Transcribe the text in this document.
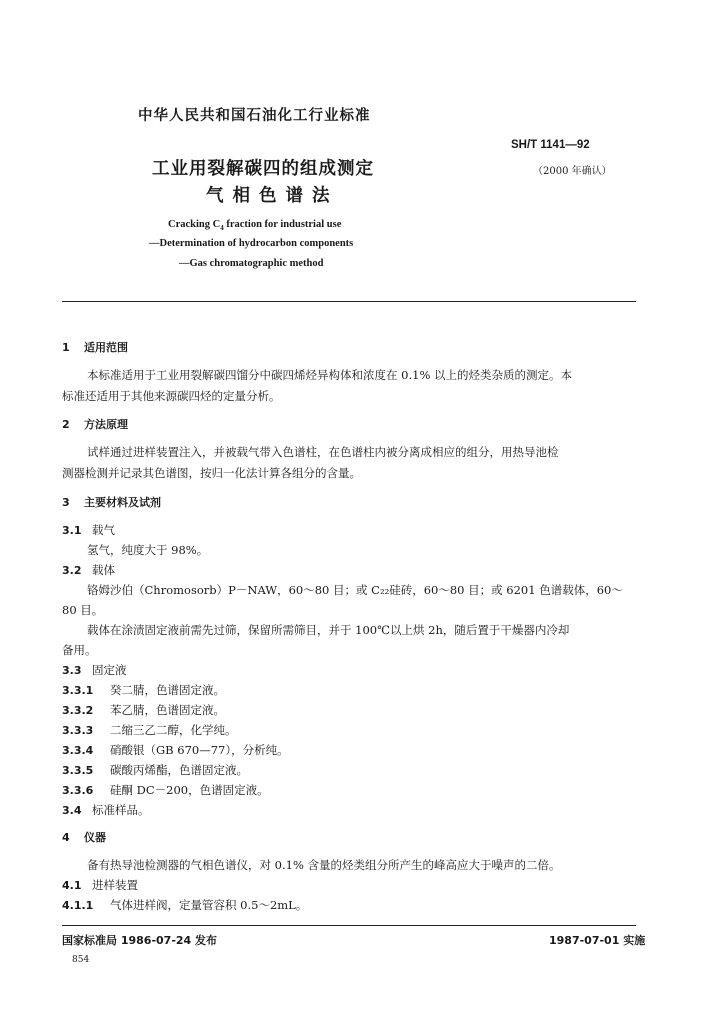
中华人民共和国石油化工行业标准
SH/T 1141—92
（2000 年确认）
工业用裂解碳四的组成测定
气相色谱法
Cracking $C_4$ fraction for industrial use
—Determination of hydrocarbon components
—Gas chromatographic method
1 适用范围
本标准适用于工业用裂解碳四馏分中碳四烯烃异构体和浓度在 0.1% 以上的烃类杂质的测定。本
标准还适用于其他来源碳四烃的定量分析。
2 方法原理
试样通过进样装置注入，并被载气带入色谱柱，在色谱柱内被分离成相应的组分，用热导池检
测器检测并记录其色谱图，按归一化法计算各组分的含量。
3 主要材料及试剂
3.1 载气
氢气，纯度大于 98%。
3.2 载体
铬姆沙伯（Chromosorb）P－NAW，60～80 目；或 C₂₂硅砖，60～80 目；或 6201 色谱载体，60～
80 目。
载体在涂渍固定液前需先过筛，保留所需筛目，并于 100℃以上烘 2h，随后置于干燥器内冷却
备用。
3.3 固定液
3.3.1 癸二腈，色谱固定液。
3.3.2 苯乙腈，色谱固定液。
3.3.3 二缩三乙二醇，化学纯。
3.3.4 硝酸银（GB 670—77），分析纯。
3.3.5 碳酸丙烯酯，色谱固定液。
3.3.6 硅酮 DC－200，色谱固定液。
3.4 标准样品。
4 仪器
备有热导池检测器的气相色谱仪，对 0.1% 含量的烃类组分所产生的峰高应大于噪声的二倍。
4.1 进样装置
4.1.1 气体进样阀，定量管容积 0.5～2mL。
国家标准局 1986-07-24 发布	1987-07-01 实施
854
